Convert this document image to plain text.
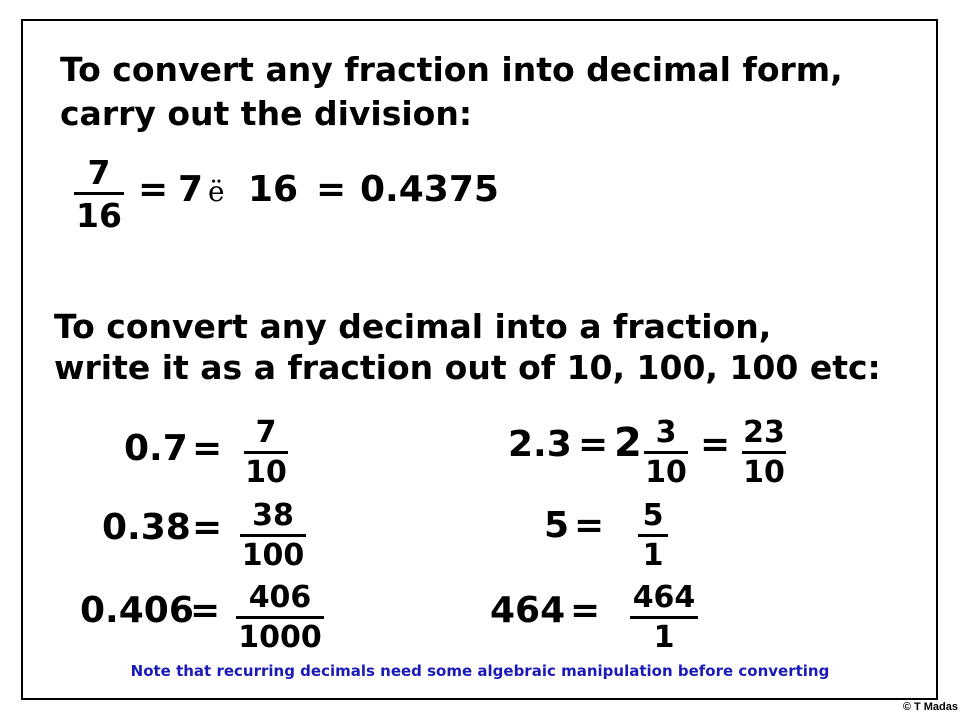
To convert any fraction into decimal form,
carry out the division:
7
16
= 7 ë 16 = 0.4375
To convert any decimal into a fraction,
write it as a fraction out of 10, 100, 100 etc:
0.7 = 7
10
0.38 = 38
100
0.406
= 406
1000
2.3 = 2 3
10
= 23
10
5 = 5
1
464 = 464
1
Note that recurring decimals need some algebraic manipulation before converting
© T Madas
